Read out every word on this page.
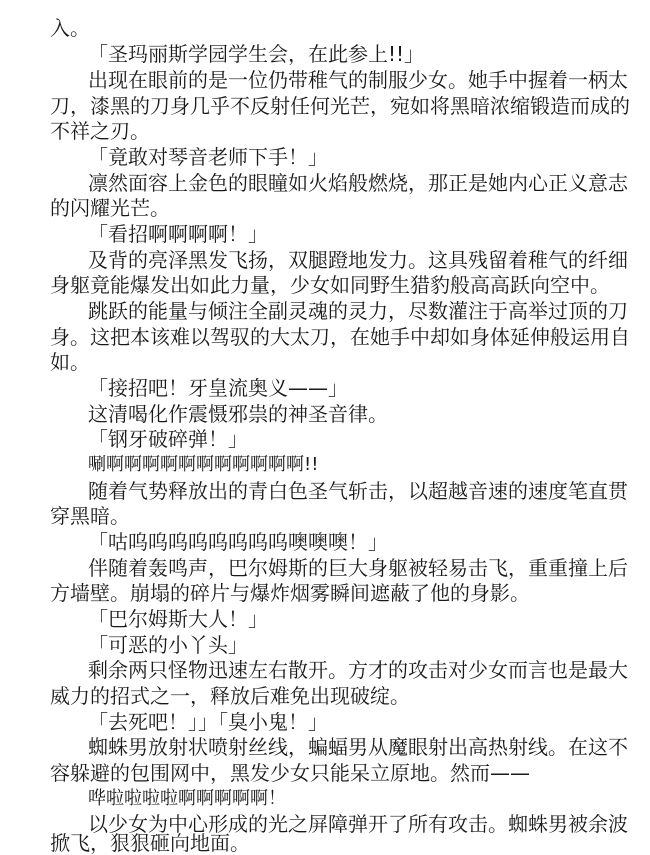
入。

「圣玛丽斯学园学生会，在此参上!!」

出现在眼前的是一位仍带稚气的制服少女。她手中握着一柄太

刀，漆黑的刀身几乎不反射任何光芒，宛如将黑暗浓缩锻造而成的

不祥之刃。

「竟敢对琴音老师下手！」

凛然面容上金色的眼瞳如火焰般燃烧，那正是她内心正义意志

的闪耀光芒。

「看招啊啊啊啊！」

及背的亮泽黑发飞扬，双腿蹬地发力。这具残留着稚气的纤细

身躯竟能爆发出如此力量，少女如同野生猎豹般高高跃向空中。

跳跃的能量与倾注全副灵魂的灵力，尽数灌注于高举过顶的刀

身。这把本该难以驾驭的大太刀，在她手中却如身体延伸般运用自

如。

「接招吧！牙皇流奥义——」

这清喝化作震慑邪祟的神圣音律。

「钢牙破碎弹！」

唰啊啊啊啊啊啊啊啊啊啊啊!!

随着气势释放出的青白色圣气斩击，以超越音速的速度笔直贯

穿黑暗。

「咕呜呜呜呜呜呜呜呜噢噢噢！」

伴随着轰鸣声，巴尔姆斯的巨大身躯被轻易击飞，重重撞上后

方墙壁。崩塌的碎片与爆炸烟雾瞬间遮蔽了他的身影。

「巴尔姆斯大人！」

「可恶的小丫头」

剩余两只怪物迅速左右散开。方才的攻击对少女而言也是最大

威力的招式之一，释放后难免出现破绽。

「去死吧！」」「臭小鬼！」

蜘蛛男放射状喷射丝线，蝙蝠男从魔眼射出高热射线。在这不

容躲避的包围网中，黑发少女只能呆立原地。然而——

哗啦啦啦啦啊啊啊啊啊！

以少女为中心形成的光之屏障弹开了所有攻击。蜘蛛男被余波

掀飞，狠狠砸向地面。
